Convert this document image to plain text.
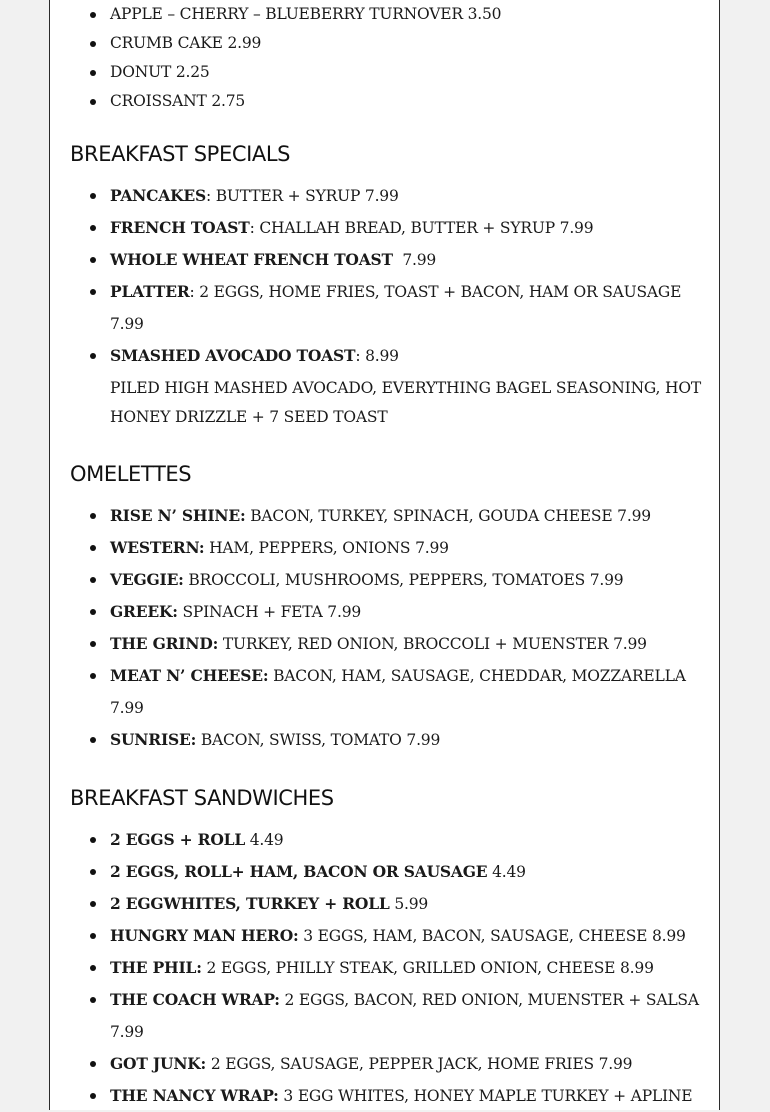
APPLE – CHERRY – BLUEBERRY TURNOVER 3.50
CRUMB CAKE 2.99
DONUT 2.25
CROISSANT 2.75
BREAKFAST SPECIALS
PANCAKES: BUTTER + SYRUP 7.99
FRENCH TOAST: CHALLAH BREAD, BUTTER + SYRUP 7.99
WHOLE WHEAT FRENCH TOAST  7.99
PLATTER: 2 EGGS, HOME FRIES, TOAST + BACON, HAM OR SAUSAGE 7.99
SMASHED AVOCADO TOAST: 8.99
PILED HIGH MASHED AVOCADO, EVERYTHING BAGEL SEASONING, HOT HONEY DRIZZLE + 7 SEED TOAST
OMELETTES
RISE N’ SHINE: BACON, TURKEY, SPINACH, GOUDA CHEESE 7.99
WESTERN: HAM, PEPPERS, ONIONS 7.99
VEGGIE: BROCCOLI, MUSHROOMS, PEPPERS, TOMATOES 7.99
GREEK: SPINACH + FETA 7.99
THE GRIND: TURKEY, RED ONION, BROCCOLI + MUENSTER 7.99
MEAT N’ CHEESE: BACON, HAM, SAUSAGE, CHEDDAR, MOZZARELLA 7.99
SUNRISE: BACON, SWISS, TOMATO 7.99
BREAKFAST SANDWICHES
2 EGGS + ROLL 4.49
2 EGGS, ROLL+ HAM, BACON OR SAUSAGE 4.49
2 EGGWHITES, TURKEY + ROLL 5.99
HUNGRY MAN HERO: 3 EGGS, HAM, BACON, SAUSAGE, CHEESE 8.99
THE PHIL: 2 EGGS, PHILLY STEAK, GRILLED ONION, CHEESE 8.99
THE COACH WRAP: 2 EGGS, BACON, RED ONION, MUENSTER + SALSA 7.99
GOT JUNK: 2 EGGS, SAUSAGE, PEPPER JACK, HOME FRIES 7.99
THE NANCY WRAP: 3 EGG WHITES, HONEY MAPLE TURKEY + APLINE
